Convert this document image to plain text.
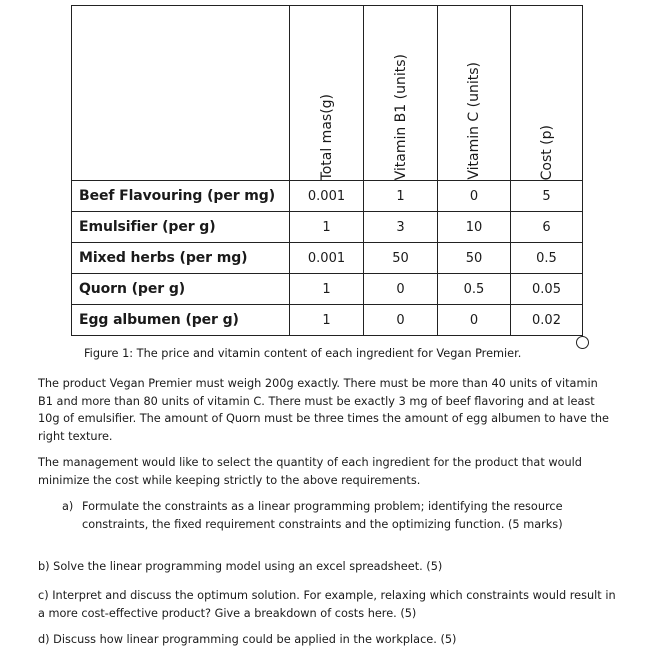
	Total mas(g)	Vitamin B1 (units)	Vitamin C (units)	Cost (p)

Beef Flavouring (per mg)	0.001	1	0	5
Emulsifier (per g)	1	3	10	6
Mixed herbs (per mg)	0.001	50	50	0.5
Quorn (per g)	1	0	0.5	0.05
Egg albumen (per g)	1	0	0	0.02
Figure 1: The price and vitamin content of each ingredient for Vegan Premier.
The product Vegan Premier must weigh 200g exactly. There must be more than 40 units of vitamin B1 and more than 80 units of vitamin C. There must be exactly 3 mg of beef flavoring and at least 10g of emulsifier. The amount of Quorn must be three times the amount of egg albumen to have the right texture.
The management would like to select the quantity of each ingredient for the product that would minimize the cost while keeping strictly to the above requirements.
a) Formulate the constraints as a linear programming problem; identifying the resource constraints, the fixed requirement constraints and the optimizing function. (5 marks)
b) Solve the linear programming model using an excel spreadsheet. (5)
c) Interpret and discuss the optimum solution. For example, relaxing which constraints would result in a more cost-effective product? Give a breakdown of costs here. (5)
d) Discuss how linear programming could be applied in the workplace. (5)
